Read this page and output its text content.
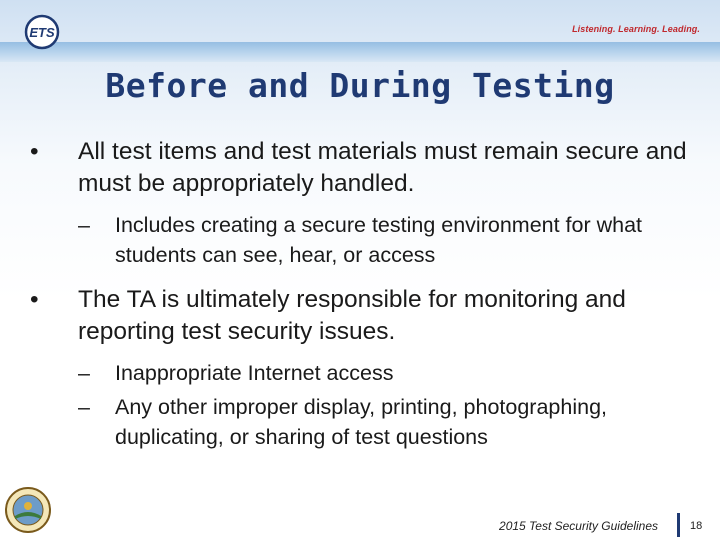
ETS	Listening. Learning. Leading.
Before and During Testing
•	All test items and test materials must remain secure and must be appropriately handled.
– Includes creating a secure testing environment for what students can see, hear, or access
•	The TA is ultimately responsible for monitoring and reporting test security issues.
– Inappropriate Internet access
– Any other improper display, printing, photographing, duplicating, or sharing of test questions
2015 Test Security Guidelines	18
